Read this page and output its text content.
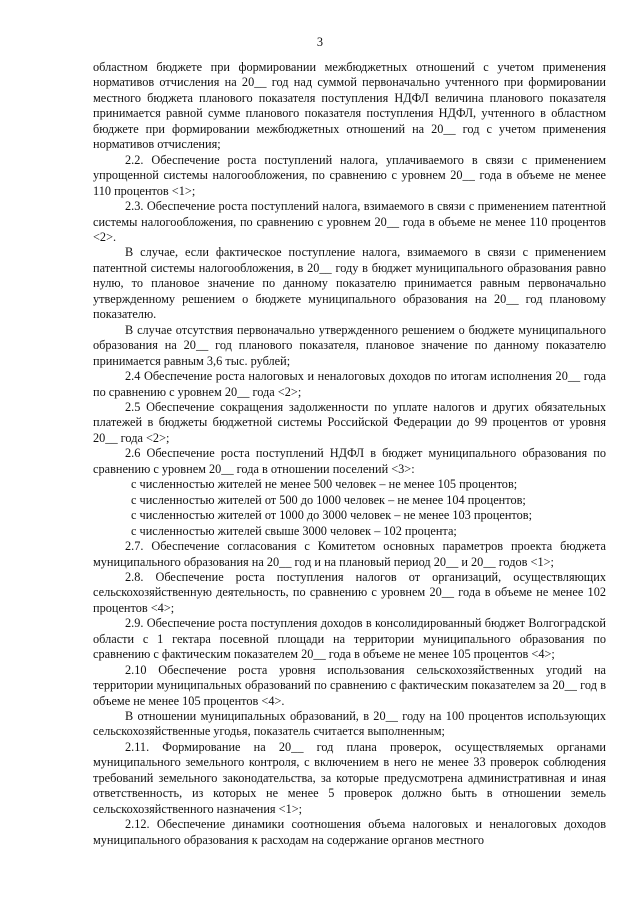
3

областном бюджете при формировании межбюджетных отношений с учетом применения нормативов отчисления на 20__ год над суммой первоначально учтенного при формировании местного бюджета планового показателя поступления НДФЛ величина планового показателя принимается равной сумме планового показателя поступления НДФЛ, учтенного в областном бюджете при формировании межбюджетных отношений на 20__ год с учетом применения нормативов отчисления;

2.2. Обеспечение роста поступлений налога, уплачиваемого в связи с применением упрощенной системы налогообложения, по сравнению с уровнем 20__ года в объеме не менее 110 процентов <1>;

2.3. Обеспечение роста поступлений налога, взимаемого в связи с применением патентной системы налогообложения, по сравнению с уровнем 20__ года в объеме не менее 110 процентов <2>.

В случае, если фактическое поступление налога, взимаемого в связи с применением патентной системы налогообложения, в 20__ году в бюджет муниципального образования равно нулю, то плановое значение по данному показателю принимается равным первоначально утвержденному решением о бюджете муниципального образования на 20__ год плановому показателю.

В случае отсутствия первоначально утвержденного решением о бюджете муниципального образования на 20__ год планового показателя, плановое значение по данному показателю принимается равным 3,6 тыс. рублей;

2.4 Обеспечение роста налоговых и неналоговых доходов по итогам исполнения 20__ года по сравнению с уровнем 20__ года <2>;

2.5 Обеспечение сокращения задолженности по уплате налогов и других обязательных платежей в бюджеты бюджетной системы Российской Федерации до 99 процентов от уровня 20__ года <2>;

2.6 Обеспечение роста поступлений НДФЛ в бюджет муниципального образования по сравнению с уровнем 20__ года в отношении поселений <3>:

с численностью жителей не менее 500 человек – не менее 105 процентов;

с численностью жителей от 500 до 1000 человек – не менее 104 процентов;

с численностью жителей от 1000 до 3000 человек – не менее 103 процентов;

с численностью жителей свыше 3000 человек – 102 процента;

2.7. Обеспечение согласования с Комитетом основных параметров проекта бюджета муниципального образования на 20__ год и на плановый период 20__ и 20__ годов <1>;

2.8. Обеспечение роста поступления налогов от организаций, осуществляющих сельскохозяйственную деятельность, по сравнению с уровнем 20__ года в объеме не менее 102 процентов <4>;

2.9. Обеспечение роста поступления доходов в консолидированный бюджет Волгоградской области с 1 гектара посевной площади на территории муниципального образования по сравнению с фактическим показателем 20__ года в объеме не менее 105 процентов <4>;

2.10 Обеспечение роста уровня использования сельскохозяйственных угодий на территории муниципальных образований по сравнению с фактическим показателем за 20__ год в объеме не менее 105 процентов <4>.

В отношении муниципальных образований, в 20__ году на 100 процентов использующих сельскохозяйственные угодья, показатель считается выполненным;

2.11. Формирование на 20__ год плана проверок, осуществляемых органами муниципального земельного контроля, с включением в него не менее 33 проверок соблюдения требований земельного законодательства, за которые предусмотрена административная и иная ответственность, из которых не менее 5 проверок должно быть в отношении земель сельскохозяйственного назначения <1>;

2.12. Обеспечение динамики соотношения объема налоговых и неналоговых доходов муниципального образования к расходам на содержание органов местного
